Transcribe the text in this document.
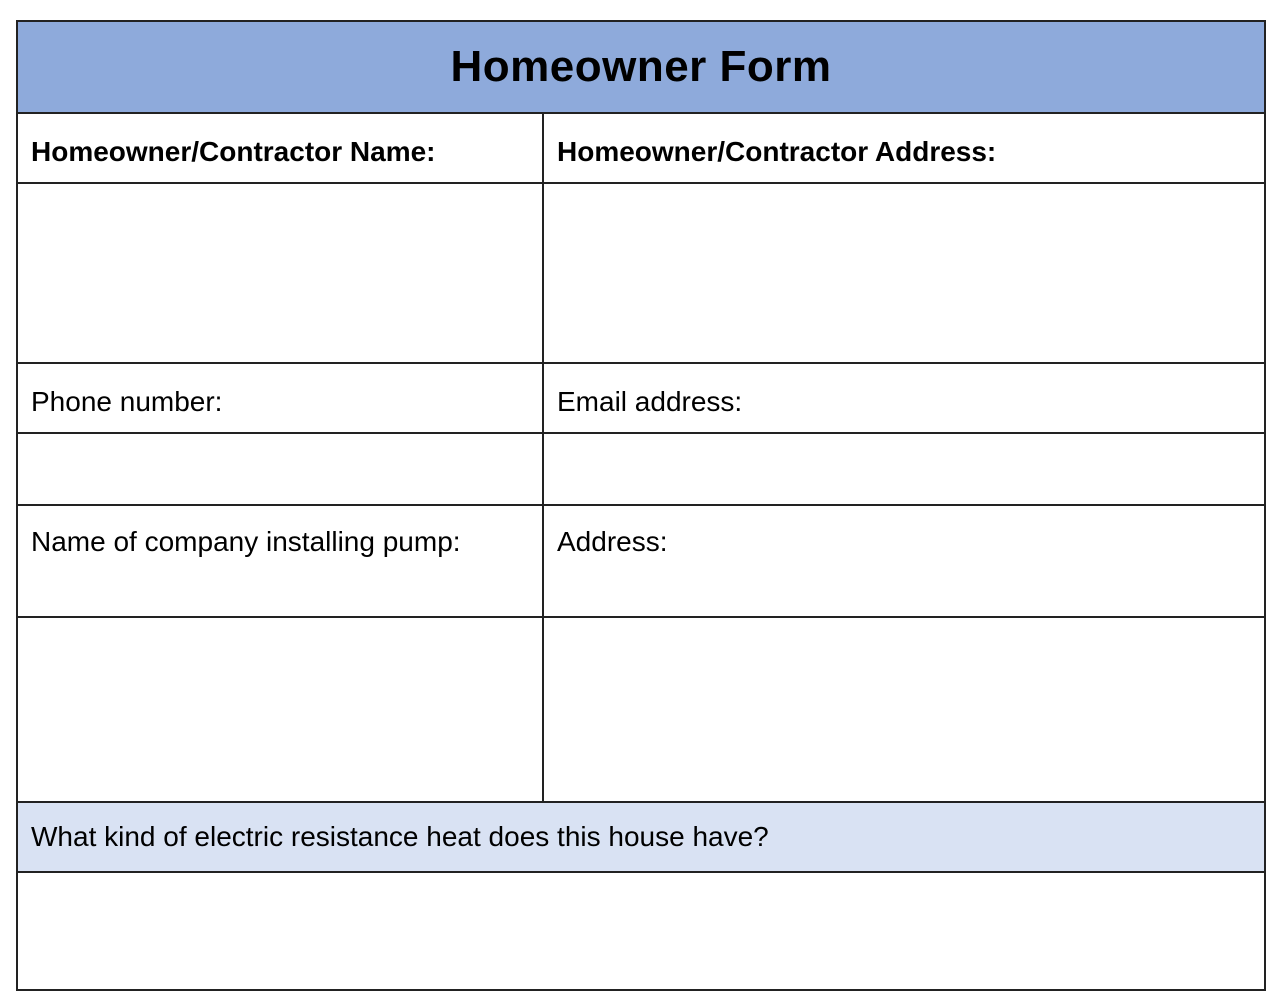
Homeowner Form
Homeowner/Contractor Name:	Homeowner/Contractor Address:
Phone number:	Email address:
Name of company installing pump:	Address:
What kind of electric resistance heat does this house have?
